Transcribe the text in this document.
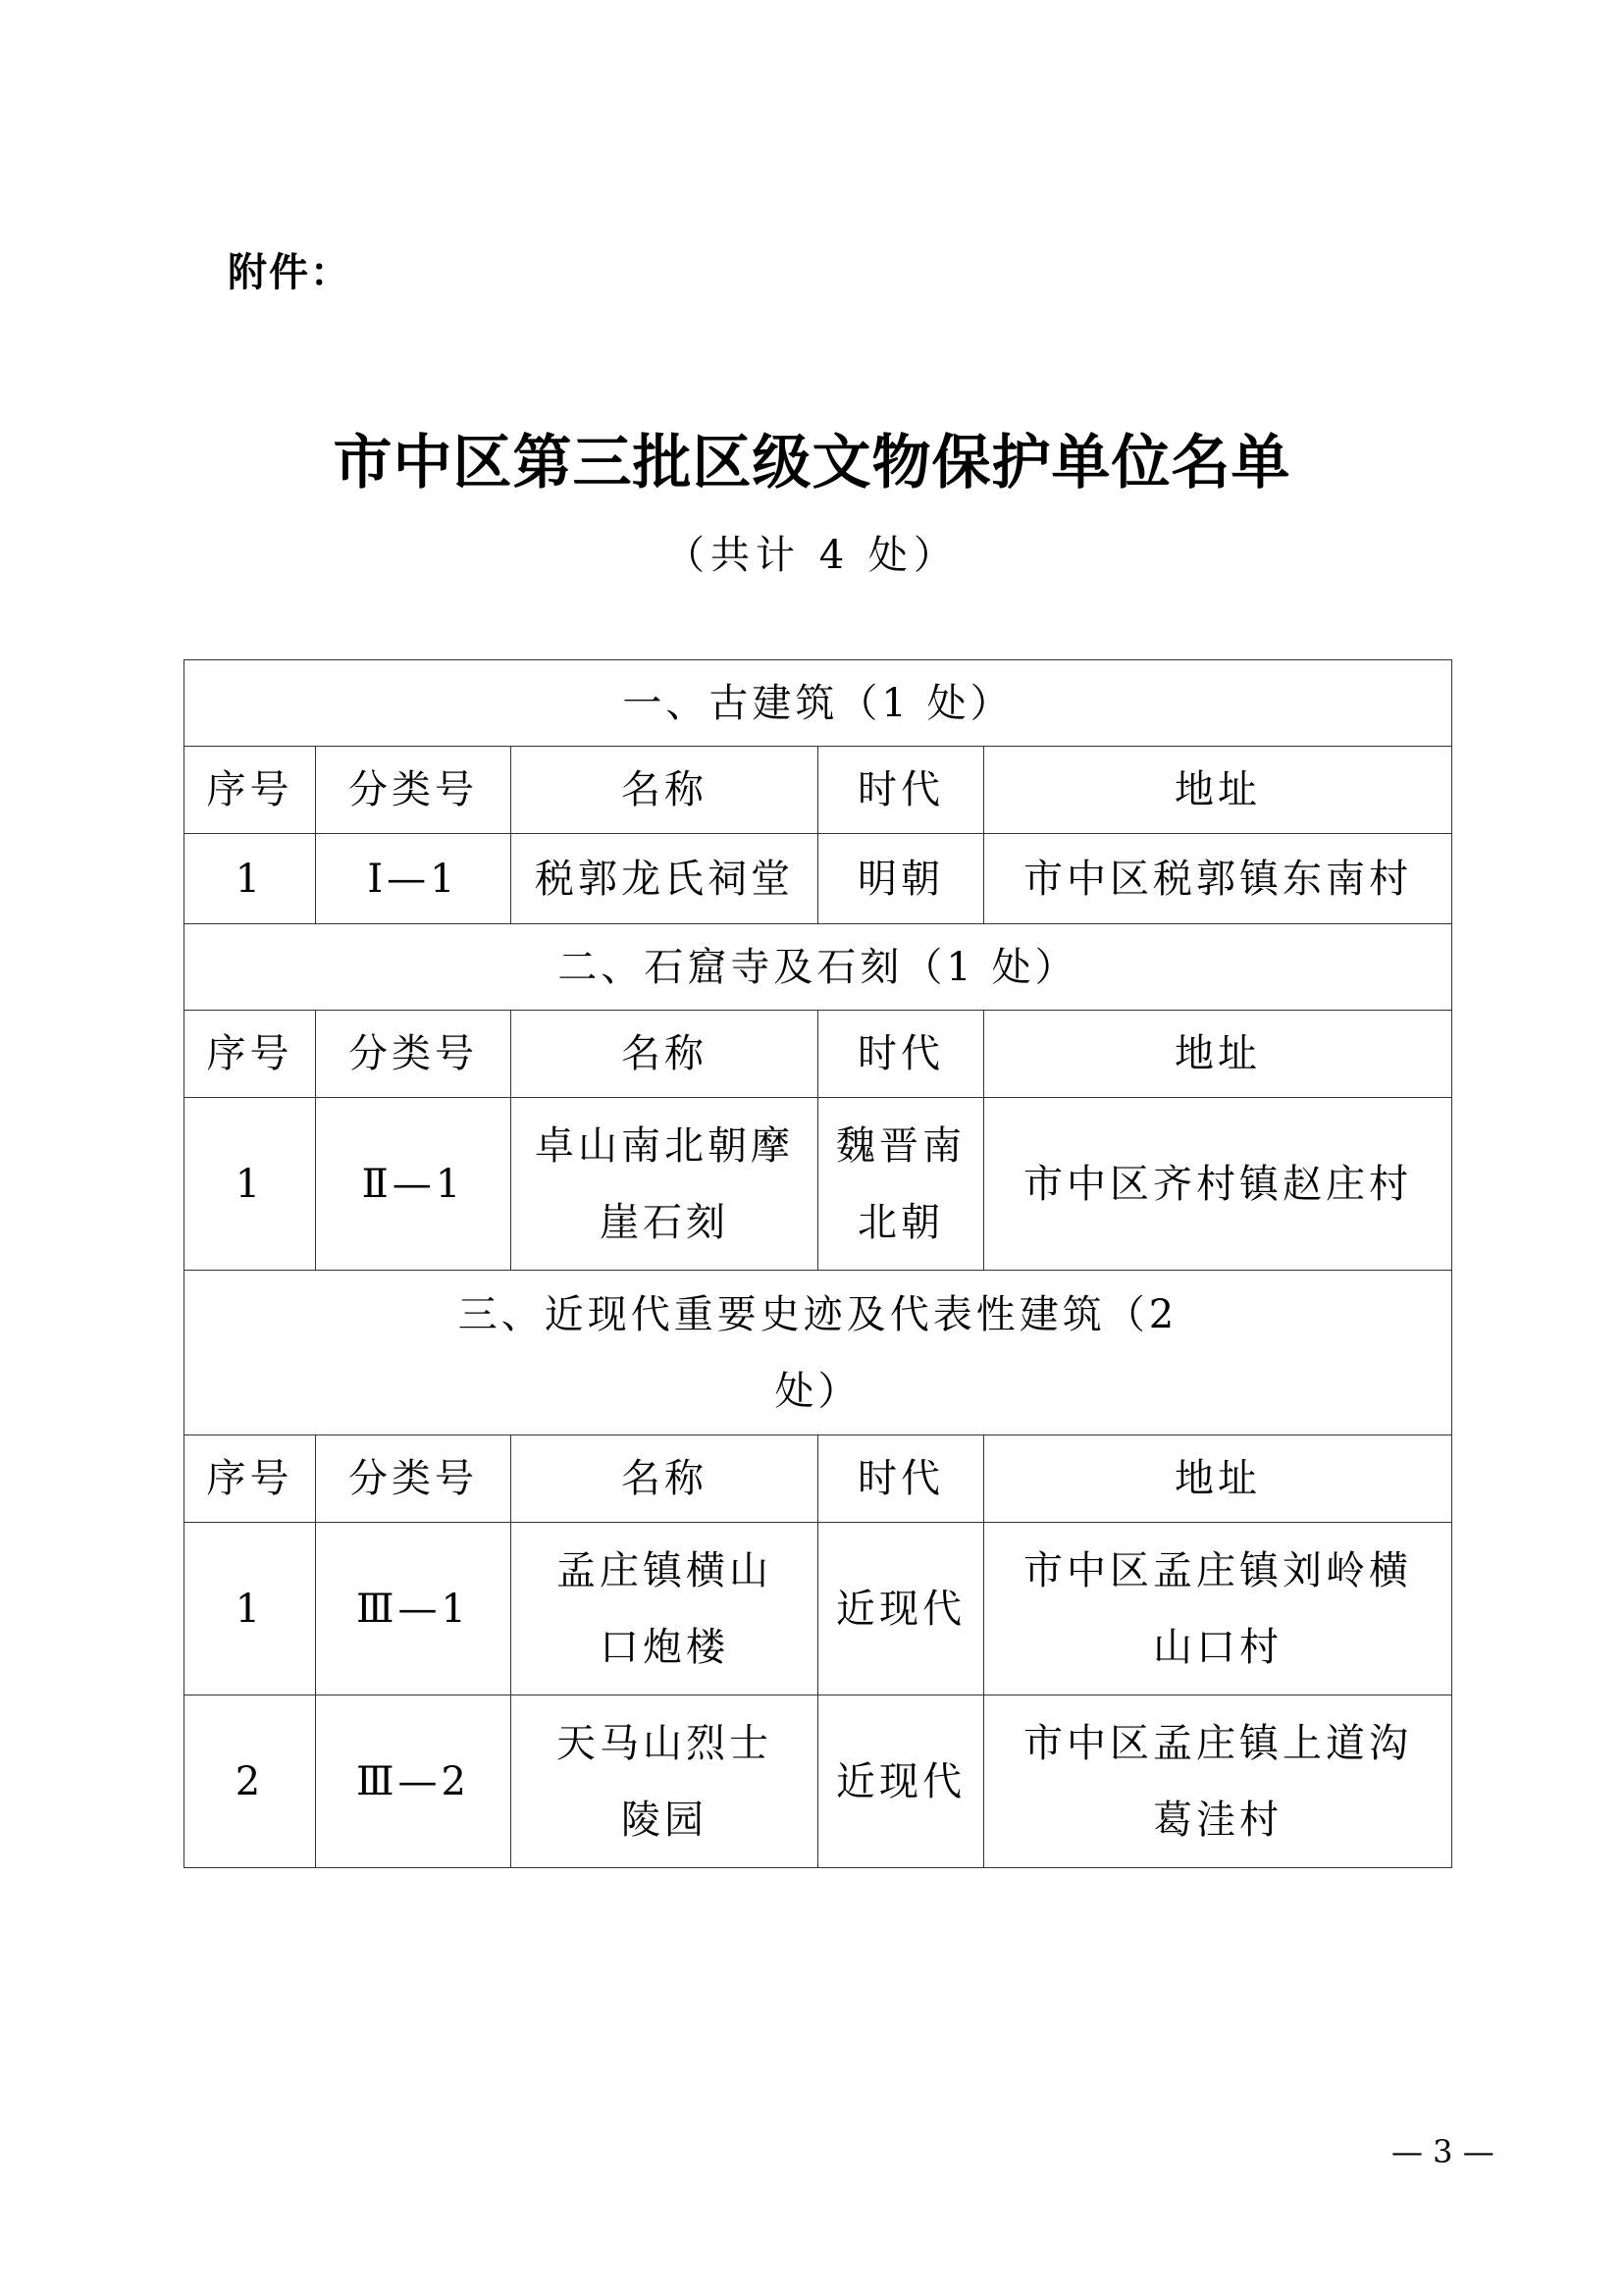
附件：
市中区第三批区级文物保护单位名单
（共计 4 处）
一、古建筑（1 处）				
序号	分类号	名称	时代	地址
1	Ⅰ—1	税郭龙氏祠堂	明朝	市中区税郭镇东南村
二、石窟寺及石刻（1 处）				
序号	分类号	名称	时代	地址
1	Ⅱ—1	卓山南北朝摩崖石刻	魏晋南北朝	市中区齐村镇赵庄村
三、近现代重要史迹及代表性建筑（2 处）				
序号	分类号	名称	时代	地址
1	Ⅲ—1	孟庄镇横山口炮楼	近现代	市中区孟庄镇刘岭横山口村
2	Ⅲ—2	天马山烈士陵园	近现代	市中区孟庄镇上道沟葛洼村
— 3 —
